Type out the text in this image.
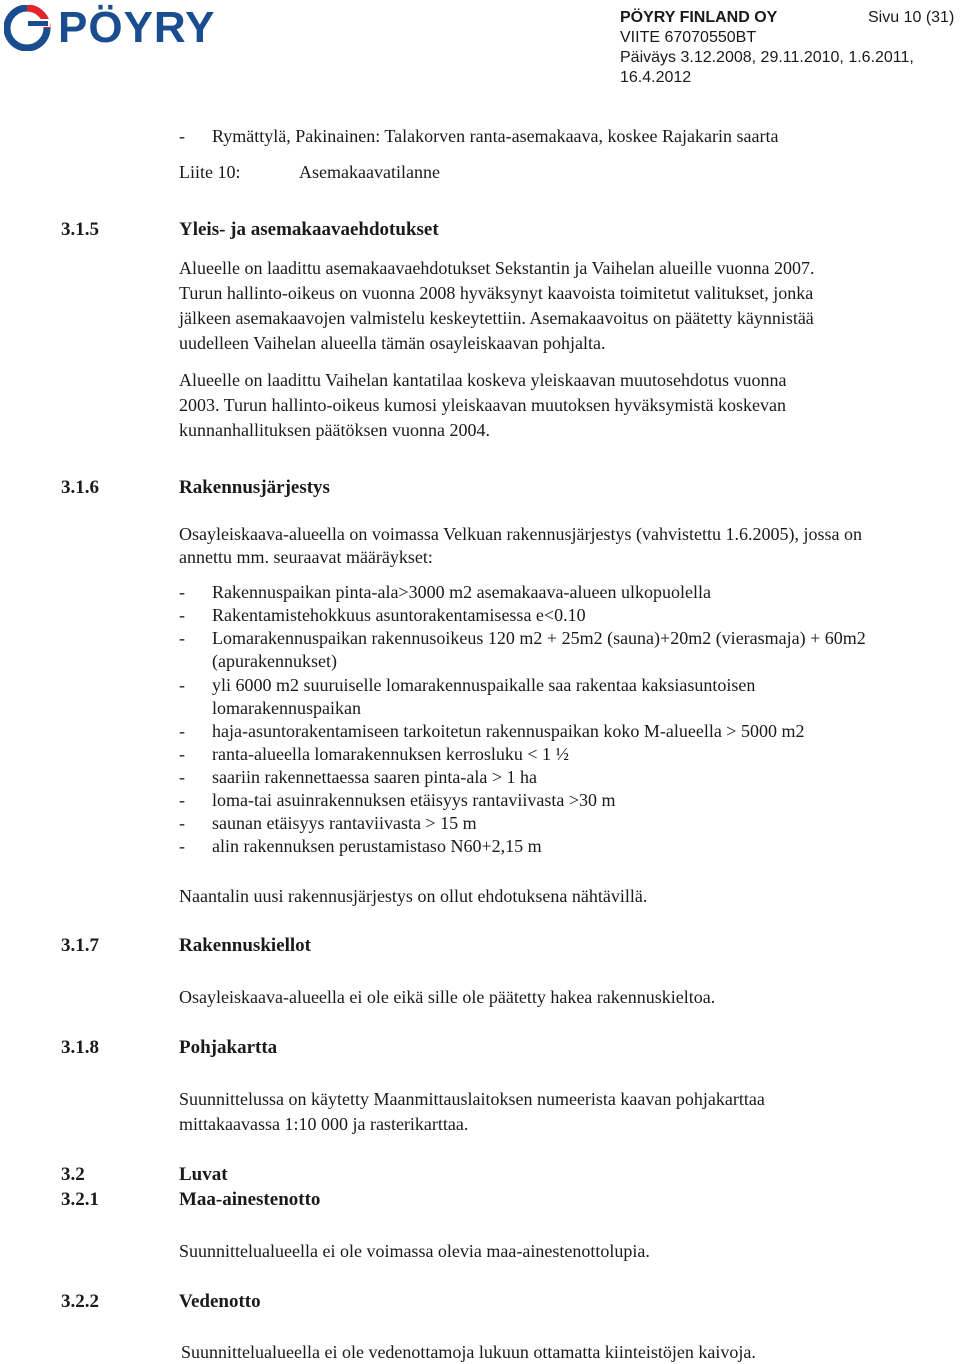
PÖYRY	PÖYRY FINLAND OY	Sivu 10 (31)
VIITE 67070550BT
Päiväys 3.12.2008, 29.11.2010, 1.6.2011,
16.4.2012
- Rymättylä, Pakinainen: Talakorven ranta-asemakaava, koskee Rajakarin saarta
Liite 10:	Asemakaavatilanne
3.1.5	Yleis- ja asemakaavaehdotukset
Alueelle on laadittu asemakaavaehdotukset Sekstantin ja Vaihelan alueille vuonna 2007.
Turun hallinto-oikeus on vuonna 2008 hyväksynyt kaavoista toimitetut valitukset, jonka
jälkeen asemakaavojen valmistelu keskeytettiin. Asemakaavoitus on päätetty käynnistää
uudelleen Vaihelan alueella tämän osayleiskaavan pohjalta.
Alueelle on laadittu Vaihelan kantatilaa koskeva yleiskaavan muutosehdotus vuonna
2003. Turun hallinto-oikeus kumosi yleiskaavan muutoksen hyväksymistä koskevan
kunnanhallituksen päätöksen vuonna 2004.
3.1.6	Rakennusjärjestys
Osayleiskaava-alueella on voimassa Velkuan rakennusjärjestys (vahvistettu 1.6.2005), jossa on
annettu mm. seuraavat määräykset:
- Rakennuspaikan pinta-ala>3000 m2 asemakaava-alueen ulkopuolella
- Rakentamistehokkuus asuntorakentamisessa e<0.10
- Lomarakennuspaikan rakennusoikeus 120 m2 + 25m2 (sauna)+20m2 (vierasmaja) + 60m2
(apurakennukset)
- yli 6000 m2 suuruiselle lomarakennuspaikalle saa rakentaa kaksiasuntoisen
lomarakennuspaikan
- haja-asuntorakentamiseen tarkoitetun rakennuspaikan koko M-alueella > 5000 m2
- ranta-alueella lomarakennuksen kerrosluku < 1 ½
- saariin rakennettaessa saaren pinta-ala > 1 ha
- loma-tai asuinrakennuksen etäisyys rantaviivasta >30 m
- saunan etäisyys rantaviivasta > 15 m
- alin rakennuksen perustamistaso N60+2,15 m
Naantalin uusi rakennusjärjestys on ollut ehdotuksena nähtävillä.
3.1.7	Rakennuskiellot
Osayleiskaava-alueella ei ole eikä sille ole päätetty hakea rakennuskieltoa.
3.1.8	Pohjakartta
Suunnittelussa on käytetty Maanmittauslaitoksen numeerista kaavan pohjakarttaa
mittakaavassa 1:10 000 ja rasterikarttaa.
3.2	Luvat
3.2.1	Maa-ainestenotto
Suunnittelualueella ei ole voimassa olevia maa-ainestenottolupia.
3.2.2	Vedenotto
Suunnittelualueella ei ole vedenottamoja lukuun ottamatta kiinteistöjen kaivoja.
